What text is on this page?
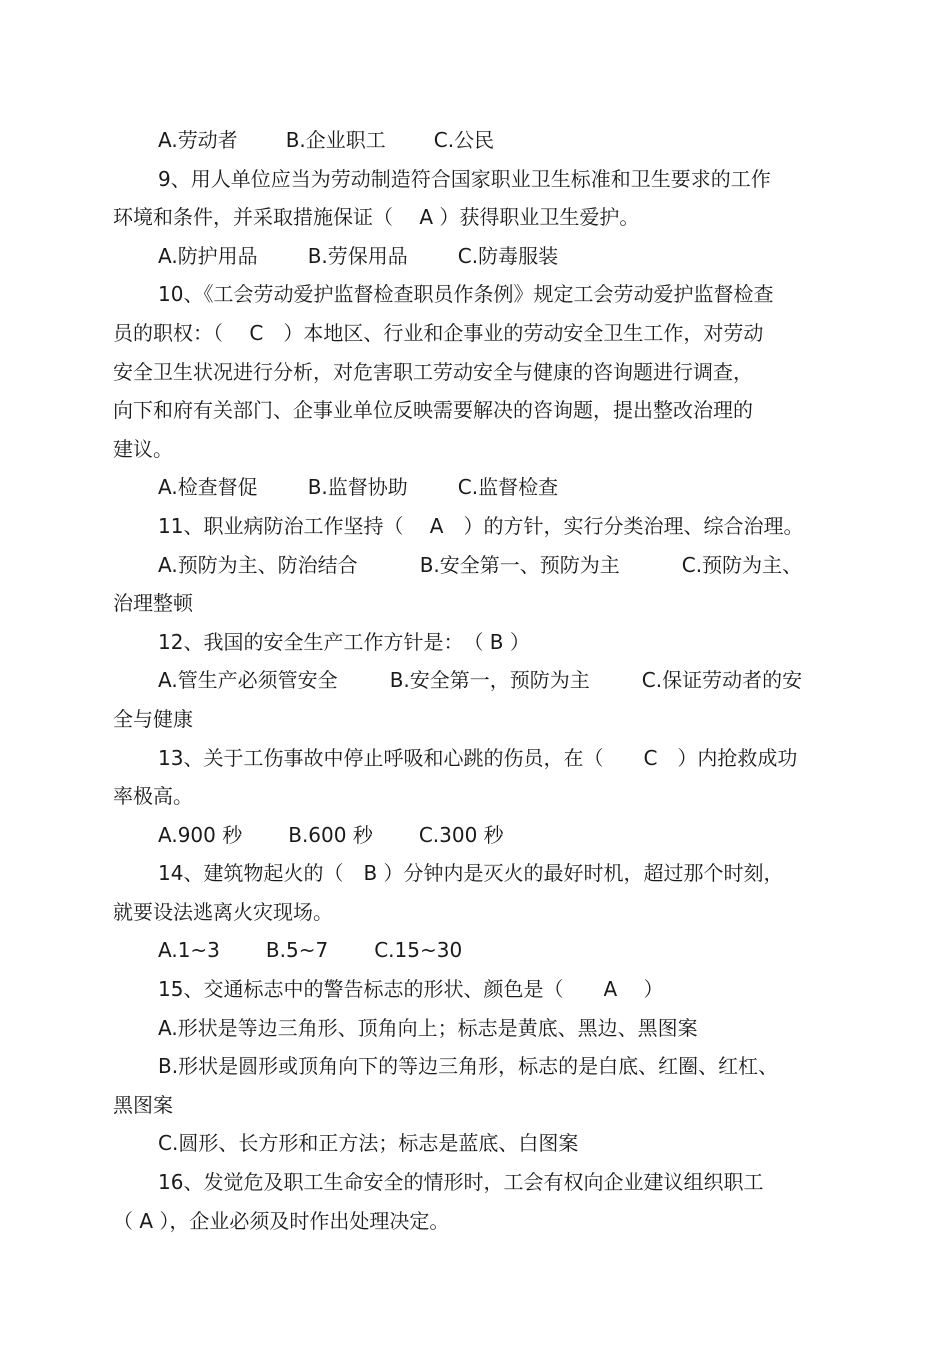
A.劳动者 B.企业职工 C.公民
9、用人单位应当为劳动制造符合国家职业卫生标准和卫生要求的工作
环境和条件，并采取措施保证（　 A ）获得职业卫生爱护。
A.防护用品	B.劳保用品	C.防毒服装
10、《工会劳动爱护监督检查职员作条例》规定工会劳动爱护监督检查
员的职权：（　 C　）本地区、行业和企事业的劳动安全卫生工作，对劳动
安全卫生状况进行分析，对危害职工劳动安全与健康的咨询题进行调查，
向下和府有关部门、企事业单位反映需要解决的咨询题，提出整改治理的
建议。
A.检查督促	B.监督协助	C.监督检查
11、职业病防治工作坚持（　 A　）的方针，实行分类治理、综合治理。
A.预防为主、防治结合	B.安全第一、预防为主	C.预防为主、
治理整顿
12、我国的安全生产工作方针是：　（ B ）
A.管生产必须管安全	B.安全第一，预防为主	C.保证劳动者的安
全与健康
13、关于工伤事故中停止呼吸和心跳的伤员，在（　　C　）内抢救成功
率极高。
A.900 秒 B.600 秒 C.300 秒
14、建筑物起火的（　B ）分钟内是灭火的最好时机，超过那个时刻，
就要设法逃离火灾现场。
A.1~3 B.5~7 C.15~30
15、交通标志中的警告标志的形状、颜色是（　　A　 ）
A.形状是等边三角形、顶角向上；标志是黄底、黑边、黑图案
B.形状是圆形或顶角向下的等边三角形，标志的是白底、红圈、红杠、
黑图案
C.圆形、长方形和正方法；标志是蓝底、白图案
16、发觉危及职工生命安全的情形时，工会有权向企业建议组织职工
（ A ），企业必须及时作出处理决定。
